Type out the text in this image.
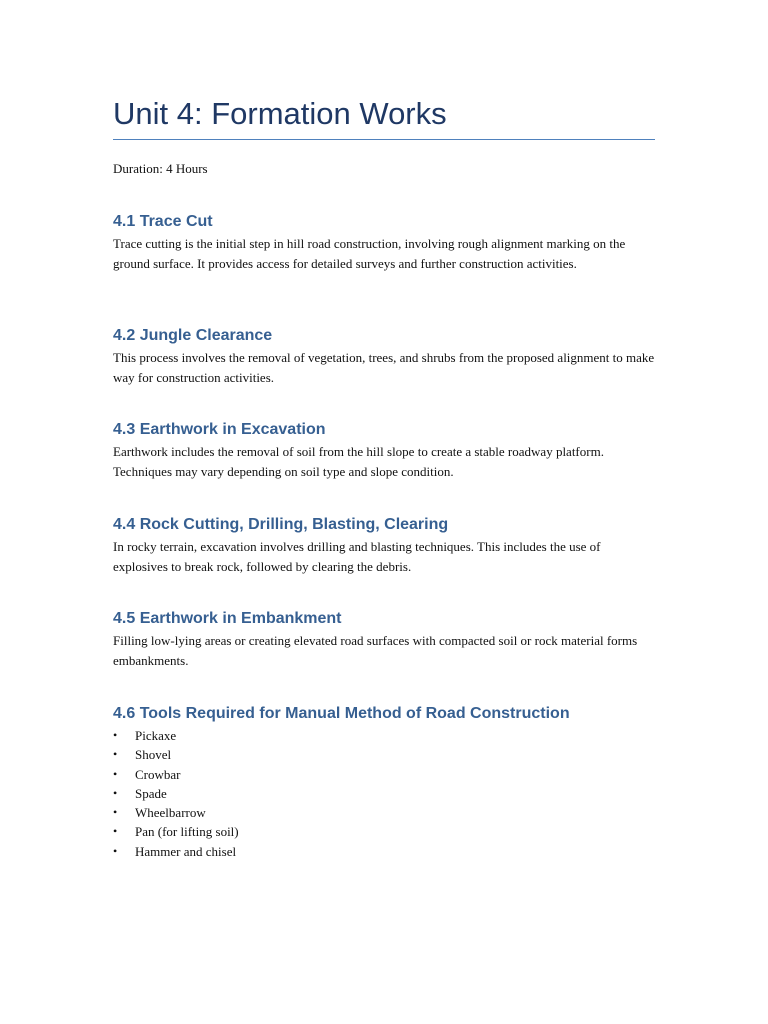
Unit 4: Formation Works

Duration: 4 Hours

4.1 Trace Cut

Trace cutting is the initial step in hill road construction, involving rough alignment marking on the ground surface. It provides access for detailed surveys and further construction activities.

4.2 Jungle Clearance

This process involves the removal of vegetation, trees, and shrubs from the proposed alignment to make way for construction activities.

4.3 Earthwork in Excavation

Earthwork includes the removal of soil from the hill slope to create a stable roadway platform. Techniques may vary depending on soil type and slope condition.

4.4 Rock Cutting, Drilling, Blasting, Clearing

In rocky terrain, excavation involves drilling and blasting techniques. This includes the use of explosives to break rock, followed by clearing the debris.

4.5 Earthwork in Embankment

Filling low-lying areas or creating elevated road surfaces with compacted soil or rock material forms embankments.

4.6 Tools Required for Manual Method of Road Construction
• Pickaxe
• Shovel
• Crowbar
• Spade
• Wheelbarrow
• Pan (for lifting soil)
• Hammer and chisel
